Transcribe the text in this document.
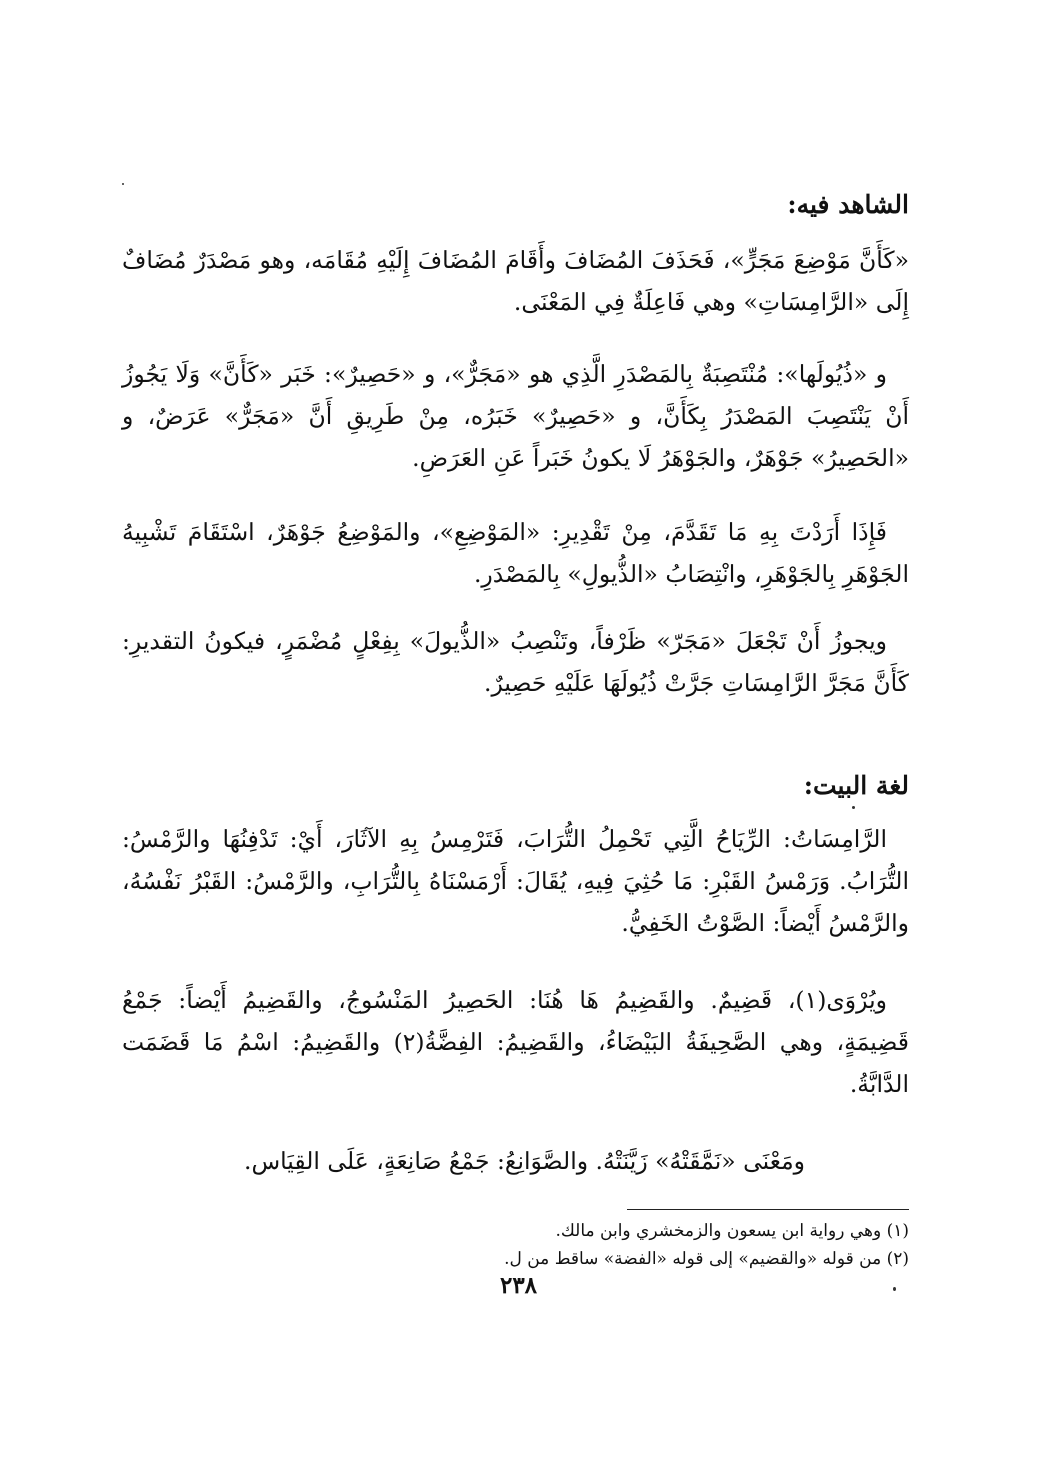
الشاهد فيه:

«كَأَنَّ مَوْضِعَ مَجَرٍّ»، فَحَذَفَ المُضَافَ وأَقَامَ المُضَافَ إِلَيْهِ مُقَامَه، وهو مَصْدَرٌ مُضَافٌ إِلَى «الرَّامِسَاتِ» وهي فَاعِلَةٌ فِي المَعْنَى.

و «ذُيُولَها»: مُنْتَصِبَةٌ بِالمَصْدَرِ الَّذِي هو «مَجَرٌّ»، و «حَصِيرٌ»: خَبَر «كَأَنَّ» وَلَا يَجُوزُ أَنْ يَنْتَصِبَ المَصْدَرُ بِكَأَنَّ، و «حَصِيرٌ» خَبَرُه، مِنْ طَرِيقِ أَنَّ «مَجَرٌّ» عَرَضٌ، و «الحَصِيرُ» جَوْهَرٌ، والجَوْهَرُ لَا يكونُ خَبَراً عَنِ العَرَضِ.

فَإِذَا أَرَدْتَ بِهِ مَا تَقَدَّمَ، مِنْ تَقْدِيرِ: «المَوْضِعِ»، والمَوْضِعُ جَوْهَرٌ، اسْتَقَامَ تَشْبِيهُ الجَوْهَرِ بِالجَوْهَرِ، وانْتِصَابُ «الذُّيولِ» بِالمَصْدَرِ.

ويجوزُ أَنْ تَجْعَلَ «مَجَرّ» ظَرْفاً، وتَنْصِبُ «الذُّيولَ» بِفِعْلٍ مُضْمَرٍ، فيكونُ التقديرِ: كَأَنَّ مَجَرَّ الرَّامِسَاتِ جَرَّتْ ذُيُولَهَا عَلَيْهِ حَصِيرٌ.

لغة البيت:

الرَّامِسَاتُ: الرِّيَاحُ الَّتِي تَحْمِلُ التُّرَابَ، فَتَرْمِسُ بِهِ الآثَارَ، أَيْ: تَدْفِنُهَا والرَّمْسُ: التُّرَابُ. وَرَمْسُ القَبْرِ: مَا حُثِيَ فِيهِ، يُقَالَ: أَرْمَسْنَاهُ بِالتُّرَابِ، والرَّمْسُ: القَبْرُ نَفْسُهُ، والرَّمْسُ أَيْضاً: الصَّوْتُ الخَفِيُّ.

ويُرْوَى(١)، قَضِيمٌ. والقَضِيمُ هَا هُنَا: الحَصِيرُ المَنْسُوجُ، والقَضِيمُ أَيْضاً: جَمْعُ قَضِيمَةٍ، وهي الصَّحِيفَةُ البَيْضَاءُ، والقَضِيمُ: الفِضَّةُ(٢) والقَضِيمُ: اسْمُ مَا قَضَمَت الدَّابَّةُ.

ومَعْنَى «نَمَّقَتْهُ» زَيَّنَتْهُ. والصَّوَانِعُ: جَمْعُ صَانِعَةٍ، عَلَى القِيَاس.

(١) وهي رواية ابن يسعون والزمخشري وابن مالك.

(٢) من قوله «والقضيم» إلى قوله «الفضة» ساقط من ل.

٢٣٨
